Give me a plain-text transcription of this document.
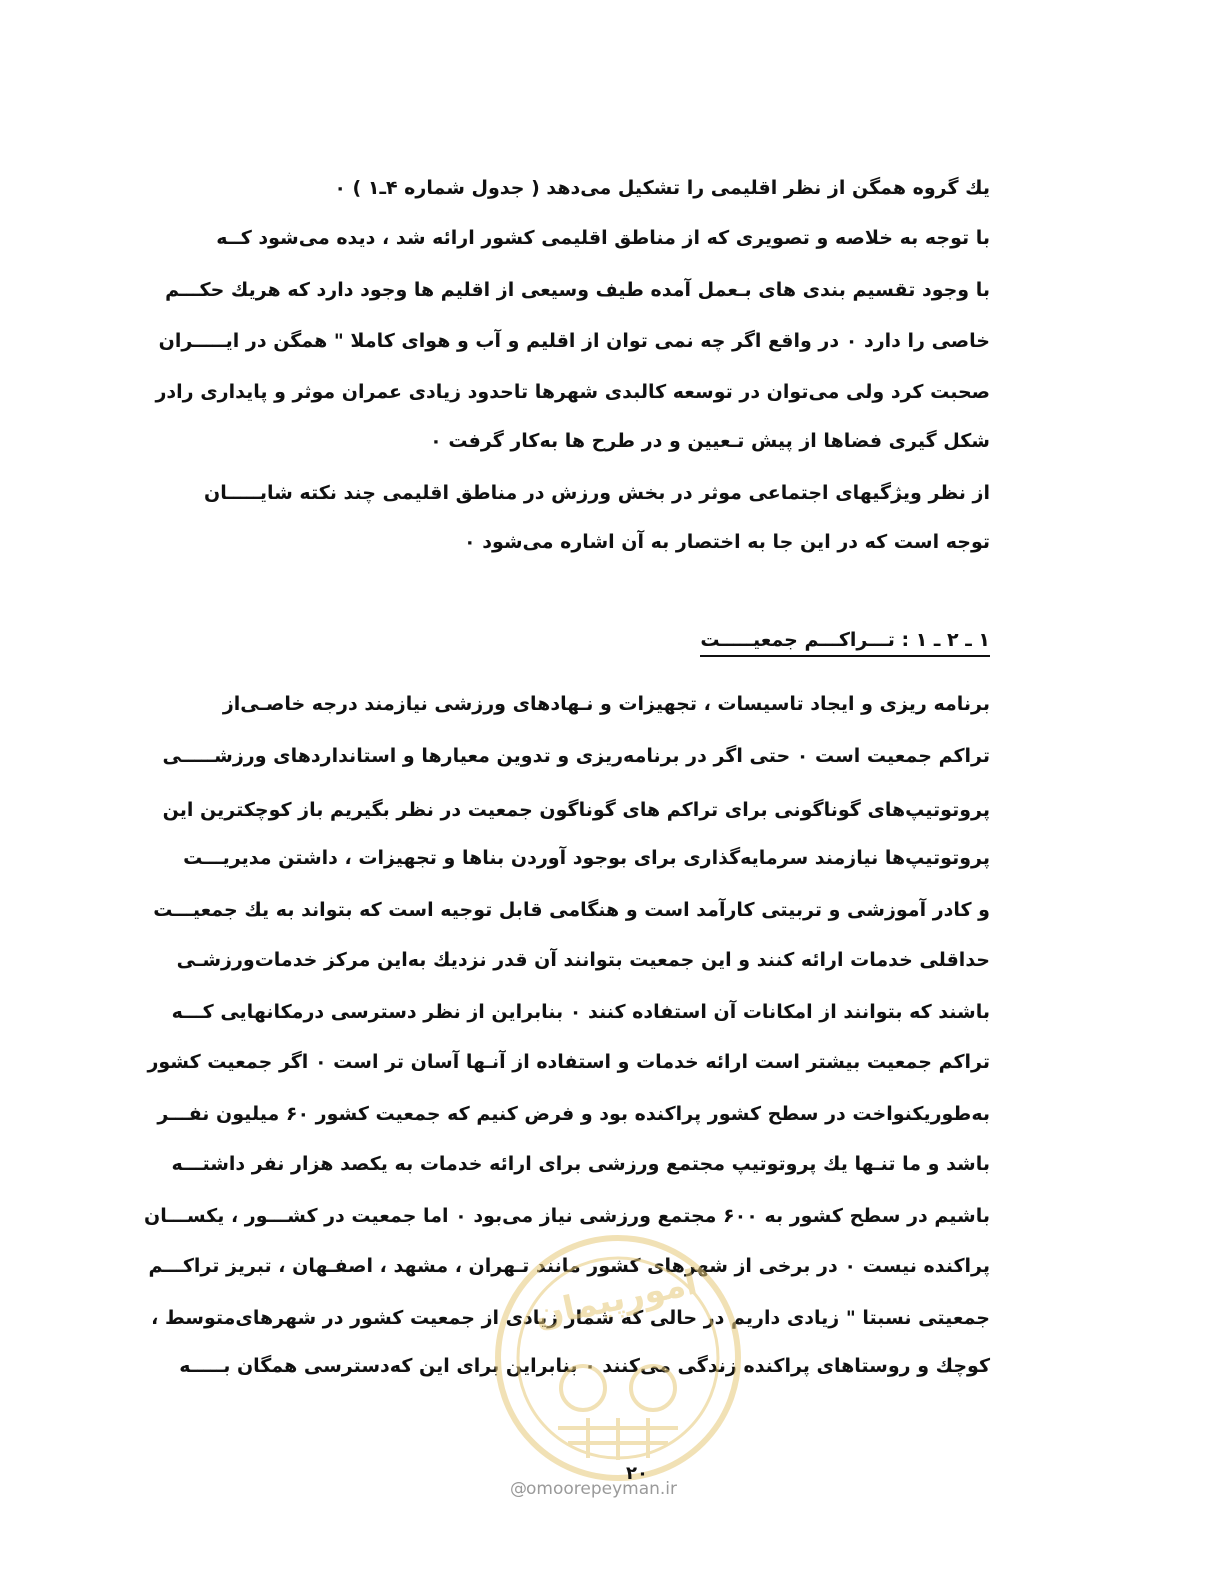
یك گروه همگن از نظر اقلیمی را تشكیل می‌دهد ( جدول شماره ۴ـ۱ ) ٠
با توجه به خلاصه و تصویری كه از مناطق اقلیمی كشور ارائه شد ، دیده می‌شود كــه
با وجود تقسیم بندی های بـعمل آمده طیف وسیعی از اقلیم ها وجود دارد كه هریك حكـــم
خاصی را دارد ٠ در واقع اگر چه نمی توان از اقلیم و آب و هوای كاملا " همگن در ایـــــران
صحبت كرد ولی می‌توان در توسعه كالبدی شهرها تاحدود زیادی عمران موثر و پایداری رادر
شكل گیری فضاها از پیش تـعیین و در طرح ها به‌كار گرفت ٠
از نظر ویژگیهای اجتماعی موثر در بخش ورزش در مناطق اقلیمی چند نكته شایـــــان
توجه است كه در این جا به اختصار به آن اشاره می‌شود ٠
۱ ـ ۲ ـ ۱ : تـــراكـــم جمعیـــــت
برنامه ریزی و ایجاد تاسیسات ، تجهیزات و نـهادهای ورزشی نیازمند درجه خاصـی‌از
تراكم جمعیت است ٠ حتی اگر در برنامه‌ریزی و تدوین معیارها و استانداردهای ورزشـــــی
پروتوتیپ‌های گوناگونی برای تراكم‌ های گوناگون جمعیت در نظر بگیریم باز كوچكترین این
پروتوتیپ‌ها نیازمند سرمایه‌گذاری برای بوجود آوردن بناها و تجهیزات ، داشتن مدیریـــت
و كادر آموزشی و تربیتی كارآمد است و هنگامی قابل توجیه است كه بتواند به یك جمعیـــت
حداقلی خدمات ارائه كنند و این جمعیت بتوانند آن قدر نزدیك به‌این مركز خدمات‌ورزشـی
باشند كه بتوانند از امكانات آن استفاده كنند ٠ بنابراین از نظر دسترسی درمكانهایی كـــه
تراكم جمعیت بیشتر است ارائه خدمات و استفاده از آنـها آسان تر است ٠ اگر جمعیت كشور
به‌طوریكنواخت در سطح كشور پراكنده بود و فرض كنیم كه جمعیت كشور ۶۰ میلیون نفـــر
باشد و ما تنـها یك پروتوتیپ مجتمع ورزشی برای ارائه خدمات به یكصد هزار نفر داشتـــه
باشیم در سطح كشور به ۶۰۰ مجتمع ورزشی نیاز می‌بود ٠ اما جمعیت در كشـــور ، یكســـان
پراكنده نیست ٠ در برخی از شهرهای كشور مانند تـهران ، مشهد ، اصفـهان ، تبریز تراكـــم
جمعیتی نسبتا " زیادی داریم در حالی كه شمار زیادی از جمعیت كشور در شهرهای‌متوسط ،
كوچك و روستاهای پراكنده زندگی می‌كنند ٠ بنابراین برای این كه‌دسترسی همگان بـــــه
امورپیمان
۲۰
@omoorepeyman.ir
